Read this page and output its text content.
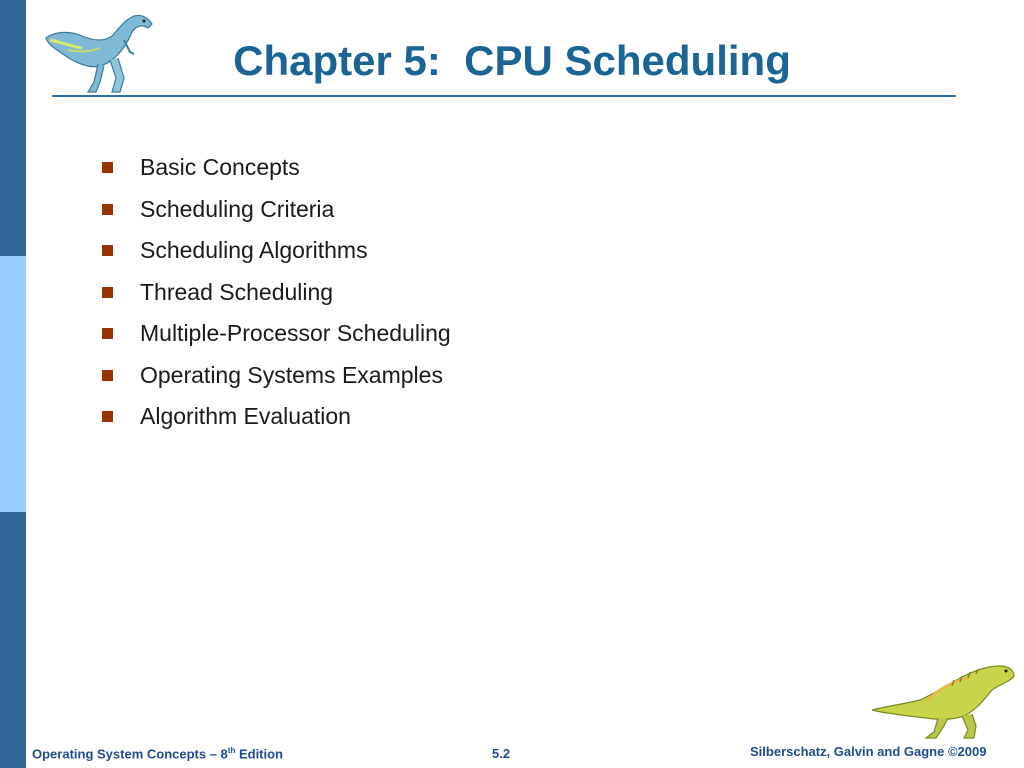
Chapter 5:  CPU Scheduling
Basic Concepts
Scheduling Criteria
Scheduling Algorithms
Thread Scheduling
Multiple-Processor Scheduling
Operating Systems Examples
Algorithm Evaluation
Operating System Concepts – 8th Edition	5.2	Silberschatz, Galvin and Gagne ©2009
